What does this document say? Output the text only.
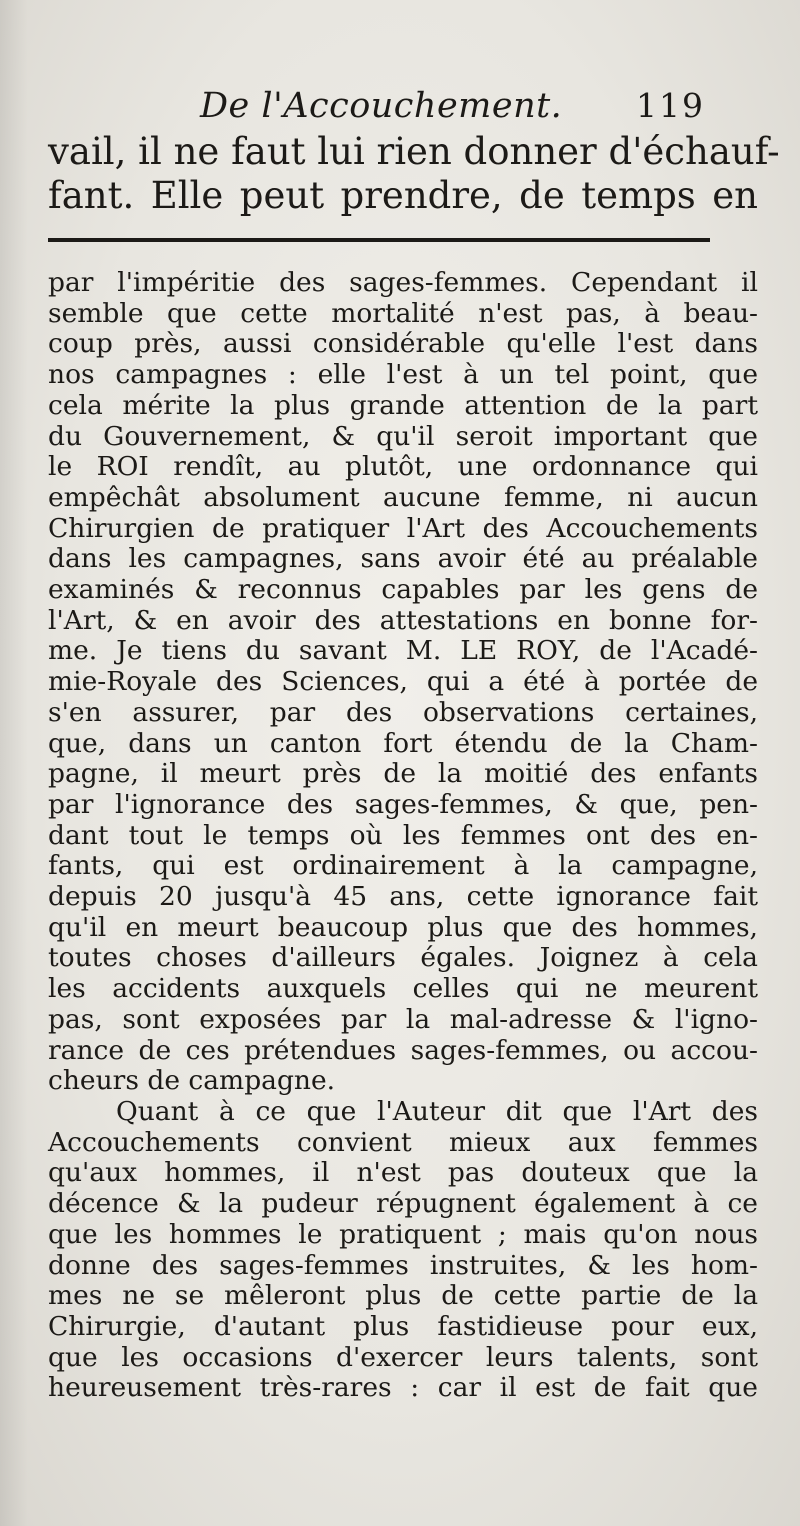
De l'Accouchement. 119
vail, il ne faut lui rien donner d'échauf-
fant. Elle peut prendre, de temps en
par l'impéritie des sages-femmes. Cependant il
semble que cette mortalité n'est pas, à beau-
coup près, aussi considérable qu'elle l'est dans
nos campagnes : elle l'est à un tel point, que
cela mérite la plus grande attention de la part
du Gouvernement, & qu'il seroit important que
le ROI rendît, au plutôt, une ordonnance qui
empêchât absolument aucune femme, ni aucun
Chirurgien de pratiquer l'Art des Accouchements
dans les campagnes, sans avoir été au préalable
examinés & reconnus capables par les gens de
l'Art, & en avoir des attestations en bonne for-
me. Je tiens du savant M. LE ROY, de l'Acadé-
mie-Royale des Sciences, qui a été à portée de
s'en assurer, par des observations certaines,
que, dans un canton fort étendu de la Cham-
pagne, il meurt près de la moitié des enfants
par l'ignorance des sages-femmes, & que, pen-
dant tout le temps où les femmes ont des en-
fants, qui est ordinairement à la campagne,
depuis 20 jusqu'à 45 ans, cette ignorance fait
qu'il en meurt beaucoup plus que des hommes,
toutes choses d'ailleurs égales. Joignez à cela
les accidents auxquels celles qui ne meurent
pas, sont exposées par la mal-adresse & l'igno-
rance de ces prétendues sages-femmes, ou accou-
cheurs de campagne.
Quant à ce que l'Auteur dit que l'Art des
Accouchements convient mieux aux femmes
qu'aux hommes, il n'est pas douteux que la
décence & la pudeur répugnent également à ce
que les hommes le pratiquent ; mais qu'on nous
donne des sages-femmes instruites, & les hom-
mes ne se mêleront plus de cette partie de la
Chirurgie, d'autant plus fastidieuse pour eux,
que les occasions d'exercer leurs talents, sont
heureusement très-rares : car il est de fait que
